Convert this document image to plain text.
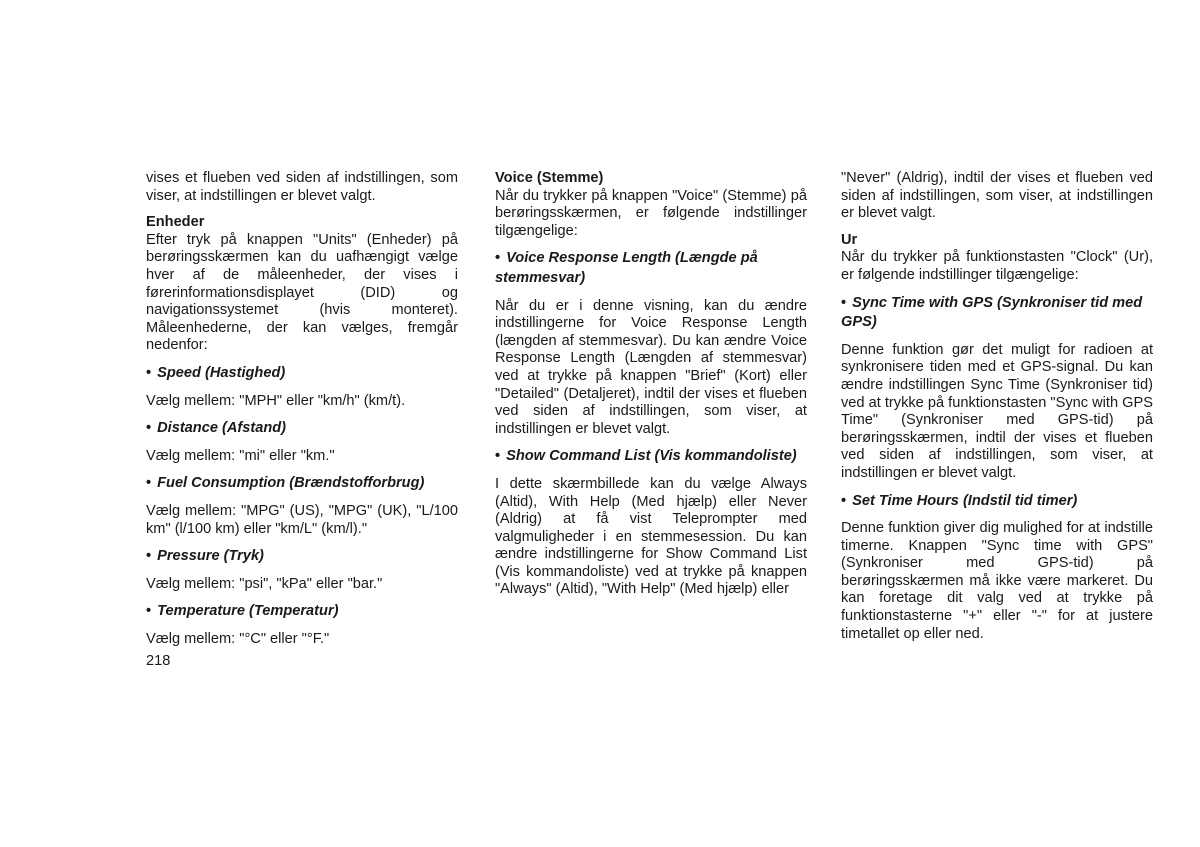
vises et flueben ved siden af indstillingen, som viser, at indstillingen er blevet valgt.

Enheder

Efter tryk på knappen "Units" (Enheder) på berøringsskærmen kan du uafhængigt vælge hver af de måleenheder, der vises i førerinformationsdisplayet (DID) og navigationssystemet (hvis monteret). Måleenhederne, der kan vælges, fremgår nedenfor:

• Speed (Hastighed)

Vælg mellem: "MPH" eller "km/h" (km/t).

• Distance (Afstand)

Vælg mellem: "mi" eller "km."

• Fuel Consumption (Brændstofforbrug)

Vælg mellem: "MPG" (US), "MPG" (UK), "L/100 km" (l/100 km) eller "km/L" (km/l)."

• Pressure (Tryk)

Vælg mellem: "psi", "kPa" eller "bar."

• Temperature (Temperatur)

Vælg mellem: "°C" eller "°F."

Voice (Stemme)

Når du trykker på knappen "Voice" (Stemme) på berøringsskærmen, er følgende indstillinger tilgængelige:

• Voice Response Length (Længde på stemmesvar)

Når du er i denne visning, kan du ændre indstillingerne for Voice Response Length (længden af stemmesvar). Du kan ændre Voice Response Length (Længden af stemmesvar) ved at trykke på knappen "Brief" (Kort) eller "Detailed" (Detaljeret), indtil der vises et flueben ved siden af indstillingen, som viser, at indstillingen er blevet valgt.

• Show Command List (Vis kommandoliste)

I dette skærmbillede kan du vælge Always (Altid), With Help (Med hjælp) eller Never (Aldrig) at få vist Teleprompter med valgmuligheder i en stemmesession. Du kan ændre indstillingerne for Show Command List (Vis kommandoliste) ved at trykke på knappen "Always" (Altid), "With Help" (Med hjælp) eller

"Never" (Aldrig), indtil der vises et flueben ved siden af indstillingen, som viser, at indstillingen er blevet valgt.

Ur

Når du trykker på funktionstasten "Clock" (Ur), er følgende indstillinger tilgængelige:

• Sync Time with GPS (Synkroniser tid med GPS)

Denne funktion gør det muligt for radioen at synkronisere tiden med et GPS-signal. Du kan ændre indstillingen Sync Time (Synkroniser tid) ved at trykke på funktionstasten "Sync with GPS Time" (Synkroniser med GPS-tid) på berøringsskærmen, indtil der vises et flueben ved siden af indstillingen, som viser, at indstillingen er blevet valgt.

• Set Time Hours (Indstil tid timer)

Denne funktion giver dig mulighed for at indstille timerne. Knappen "Sync time with GPS" (Synkroniser med GPS-tid) på berøringsskærmen må ikke være markeret. Du kan foretage dit valg ved at trykke på funktionstasterne "+" eller "-" for at justere timetallet op eller ned.

218
